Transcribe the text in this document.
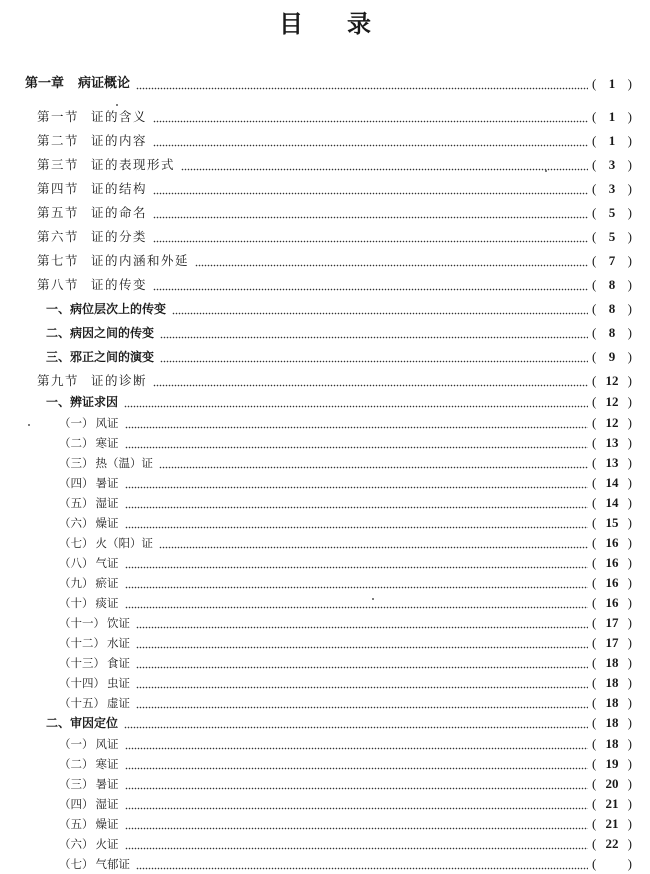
目 录
第一章 病证概论	( 1 )
第一节 证的含义	( 1 )
第二节 证的内容	( 1 )
第三节 证的表现形式	( 3 )
第四节 证的结构	( 3 )
第五节 证的命名	( 5 )
第六节 证的分类	( 5 )
第七节 证的内涵和外延	( 7 )
第八节 证的传变	( 8 )
一、病位层次上的传变	( 8 )
二、病因之间的传变	( 8 )
三、邪正之间的演变	( 9 )
第九节 证的诊断	( 12 )
一、辨证求因	( 12 )
（一） 风证	( 12 )
（二） 寒证	( 13 )
（三） 热（温）证	( 13 )
（四） 暑证	( 14 )
（五） 湿证	( 14 )
（六） 燥证	( 15 )
（七） 火（阳）证	( 16 )
（八） 气证	( 16 )
（九） 瘀证	( 16 )
（十） 痰证	( 16 )
（十一） 饮证	( 17 )
（十二） 水证	( 17 )
（十三） 食证	( 18 )
（十四） 虫证	( 18 )
（十五） 虚证	( 18 )
二、审因定位	( 18 )
（一） 风证	( 18 )
（二） 寒证	( 19 )
（三） 暑证	( 20 )
（四） 湿证	( 21 )
（五） 燥证	( 21 )
（六） 火证	( 22 )
（七） 气郁证	( )
